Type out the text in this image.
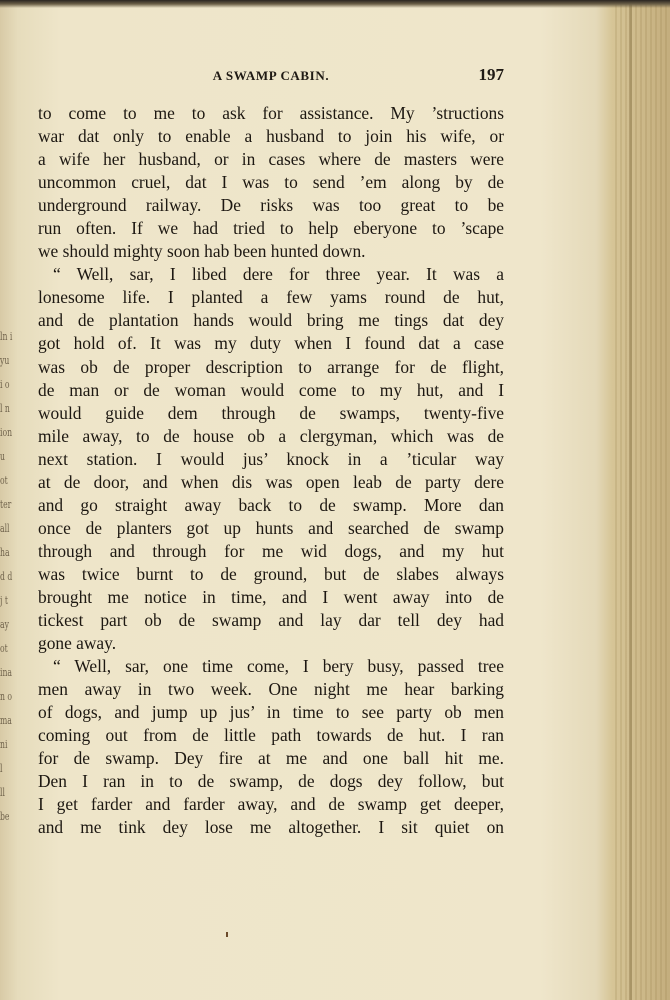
ln i
yu
i o
l n
ion
u
ot
ter
all
ha
d d
j t
ay
ot
ina
n o
ma
ni
l
ll
be
A SWAMP CABIN.	197
to come to me to ask for assistance. My ’structions
war dat only to enable a husband to join his wife, or
a wife her husband, or in cases where de masters were
uncommon cruel, dat I was to send ’em along by de
underground railway. De risks was too great to be
run often. If we had tried to help eberyone to ’scape
we should mighty soon hab been hunted down.
“ Well, sar, I libed dere for three year. It was a
lonesome life. I planted a few yams round de hut,
and de plantation hands would bring me tings dat dey
got hold of. It was my duty when I found dat a case
was ob de proper description to arrange for de flight,
de man or de woman would come to my hut, and I
would guide dem through de swamps, twenty-five
mile away, to de house ob a clergyman, which was de
next station. I would jus’ knock in a ’ticular way
at de door, and when dis was open leab de party dere
and go straight away back to de swamp. More dan
once de planters got up hunts and searched de swamp
through and through for me wid dogs, and my hut
was twice burnt to de ground, but de slabes always
brought me notice in time, and I went away into de
tickest part ob de swamp and lay dar tell dey had
gone away.
“ Well, sar, one time come, I bery busy, passed tree
men away in two week. One night me hear barking
of dogs, and jump up jus’ in time to see party ob men
coming out from de little path towards de hut. I ran
for de swamp. Dey fire at me and one ball hit me.
Den I ran in to de swamp, de dogs dey follow, but
I get farder and farder away, and de swamp get deeper,
and me tink dey lose me altogether. I sit quiet on
